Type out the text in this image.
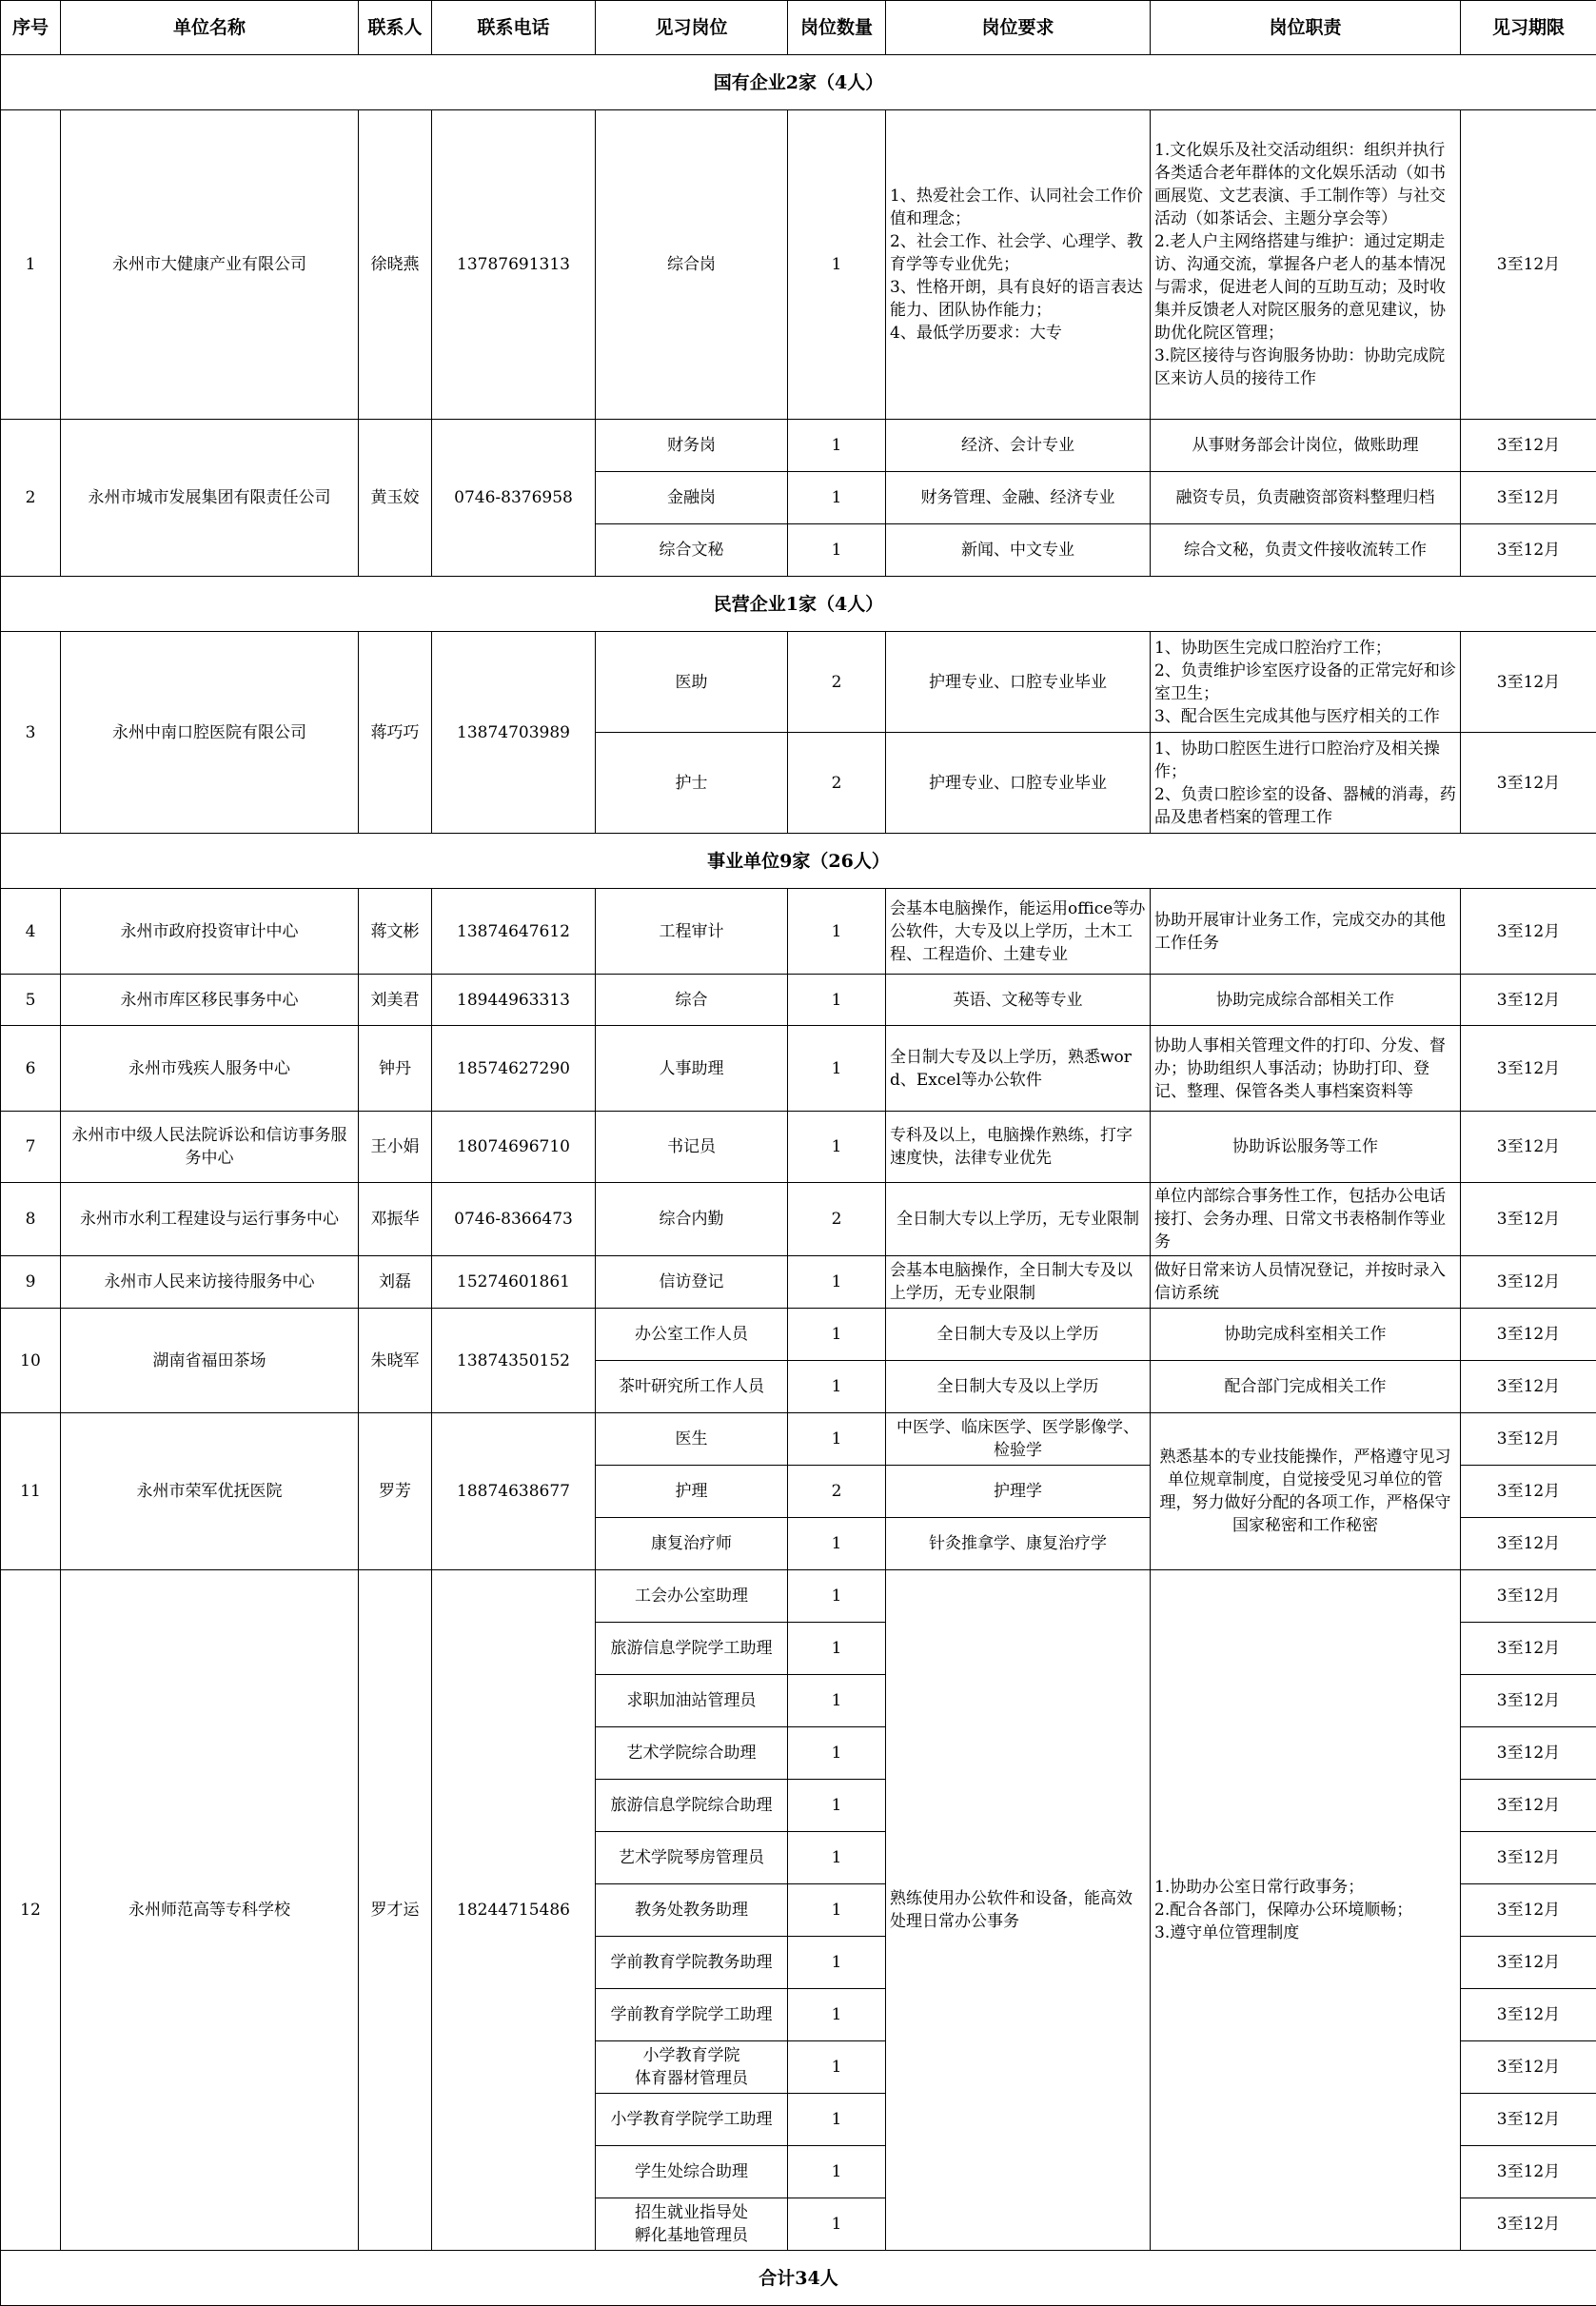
序号	单位名称	联系人	联系电话	见习岗位	岗位数量	岗位要求	岗位职责	见习期限
国有企业2家（4人）								
1	永州市大健康产业有限公司	徐晓燕	13787691313	综合岗	1	1、热爱社会工作、认同社会工作价值和理念；
2、社会工作、社会学、心理学、教育学等专业优先；
3、性格开朗，具有良好的语言表达能力、团队协作能力；
4、最低学历要求：大专	1.文化娱乐及社交活动组织：组织并执行各类适合老年群体的文化娱乐活动（如书画展览、文艺表演、手工制作等）与社交活动（如茶话会、主题分享会等）
2.老人户主网络搭建与维护：通过定期走访、沟通交流，掌握各户老人的基本情况与需求，促进老人间的互助互动；及时收集并反馈老人对院区服务的意见建议，协助优化院区管理；
3.院区接待与咨询服务协助：协助完成院区来访人员的接待工作	3至12月
2	永州市城市发展集团有限责任公司	黄玉姣	0746-8376958	财务岗	1	经济、会计专业	从事财务部会计岗位，做账助理	3至12月
				金融岗	1	财务管理、金融、经济专业	融资专员，负责融资部资料整理归档	3至12月
				综合文秘	1	新闻、中文专业	综合文秘，负责文件接收流转工作	3至12月
民营企业1家（4人）								
3	永州中南口腔医院有限公司	蒋巧巧	13874703989	医助	2	护理专业、口腔专业毕业	1、协助医生完成口腔治疗工作；
2、负责维护诊室医疗设备的正常完好和诊室卫生；
3、配合医生完成其他与医疗相关的工作	3至12月
				护士	2	护理专业、口腔专业毕业	1、协助口腔医生进行口腔治疗及相关操作；
2、负责口腔诊室的设备、器械的消毒，药品及患者档案的管理工作	3至12月
事业单位9家（26人）								
4	永州市政府投资审计中心	蒋文彬	13874647612	工程审计	1	会基本电脑操作，能运用office等办公软件，大专及以上学历，土木工程、工程造价、土建专业	协助开展审计业务工作，完成交办的其他工作任务	3至12月
5	永州市库区移民事务中心	刘美君	18944963313	综合	1	英语、文秘等专业	协助完成综合部相关工作	3至12月
6	永州市残疾人服务中心	钟丹	18574627290	人事助理	1	全日制大专及以上学历，熟悉word、Excel等办公软件	协助人事相关管理文件的打印、分发、督办；协助组织人事活动；协助打印、登记、整理、保管各类人事档案资料等	3至12月
7	永州市中级人民法院诉讼和信访事务服务中心	王小娟	18074696710	书记员	1	专科及以上，电脑操作熟练，打字速度快，法律专业优先	协助诉讼服务等工作	3至12月
8	永州市水利工程建设与运行事务中心	邓振华	0746-8366473	综合内勤	2	全日制大专以上学历，无专业限制	单位内部综合事务性工作，包括办公电话接打、会务办理、日常文书表格制作等业务	3至12月
9	永州市人民来访接待服务中心	刘磊	15274601861	信访登记	1	会基本电脑操作，全日制大专及以上学历，无专业限制	做好日常来访人员情况登记，并按时录入信访系统	3至12月
10	湖南省福田茶场	朱晓军	13874350152	办公室工作人员	1	全日制大专及以上学历	协助完成科室相关工作	3至12月
				茶叶研究所工作人员	1	全日制大专及以上学历	配合部门完成相关工作	3至12月
11	永州市荣军优抚医院	罗芳	18874638677	医生	1	中医学、临床医学、医学影像学、检验学	熟悉基本的专业技能操作，严格遵守见习单位规章制度，自觉接受见习单位的管理，努力做好分配的各项工作，严格保守国家秘密和工作秘密	3至12月
				护理	2	护理学		3至12月
				康复治疗师	1	针灸推拿学、康复治疗学		3至12月
12	永州师范高等专科学校	罗才运	18244715486	工会办公室助理	1	熟练使用办公软件和设备，能高效处理日常办公事务	1.协助办公室日常行政事务；
2.配合各部门，保障办公环境顺畅；
3.遵守单位管理制度	3至12月
				旅游信息学院学工助理	1			3至12月
				求职加油站管理员	1			3至12月
				艺术学院综合助理	1			3至12月
				旅游信息学院综合助理	1			3至12月
				艺术学院琴房管理员	1			3至12月
				教务处教务助理	1			3至12月
				学前教育学院教务助理	1			3至12月
				学前教育学院学工助理	1			3至12月
				小学教育学院
体育器材管理员	1			3至12月
				小学教育学院学工助理	1			3至12月
				学生处综合助理	1			3至12月
				招生就业指导处
孵化基地管理员	1			3至12月
合计34人								
